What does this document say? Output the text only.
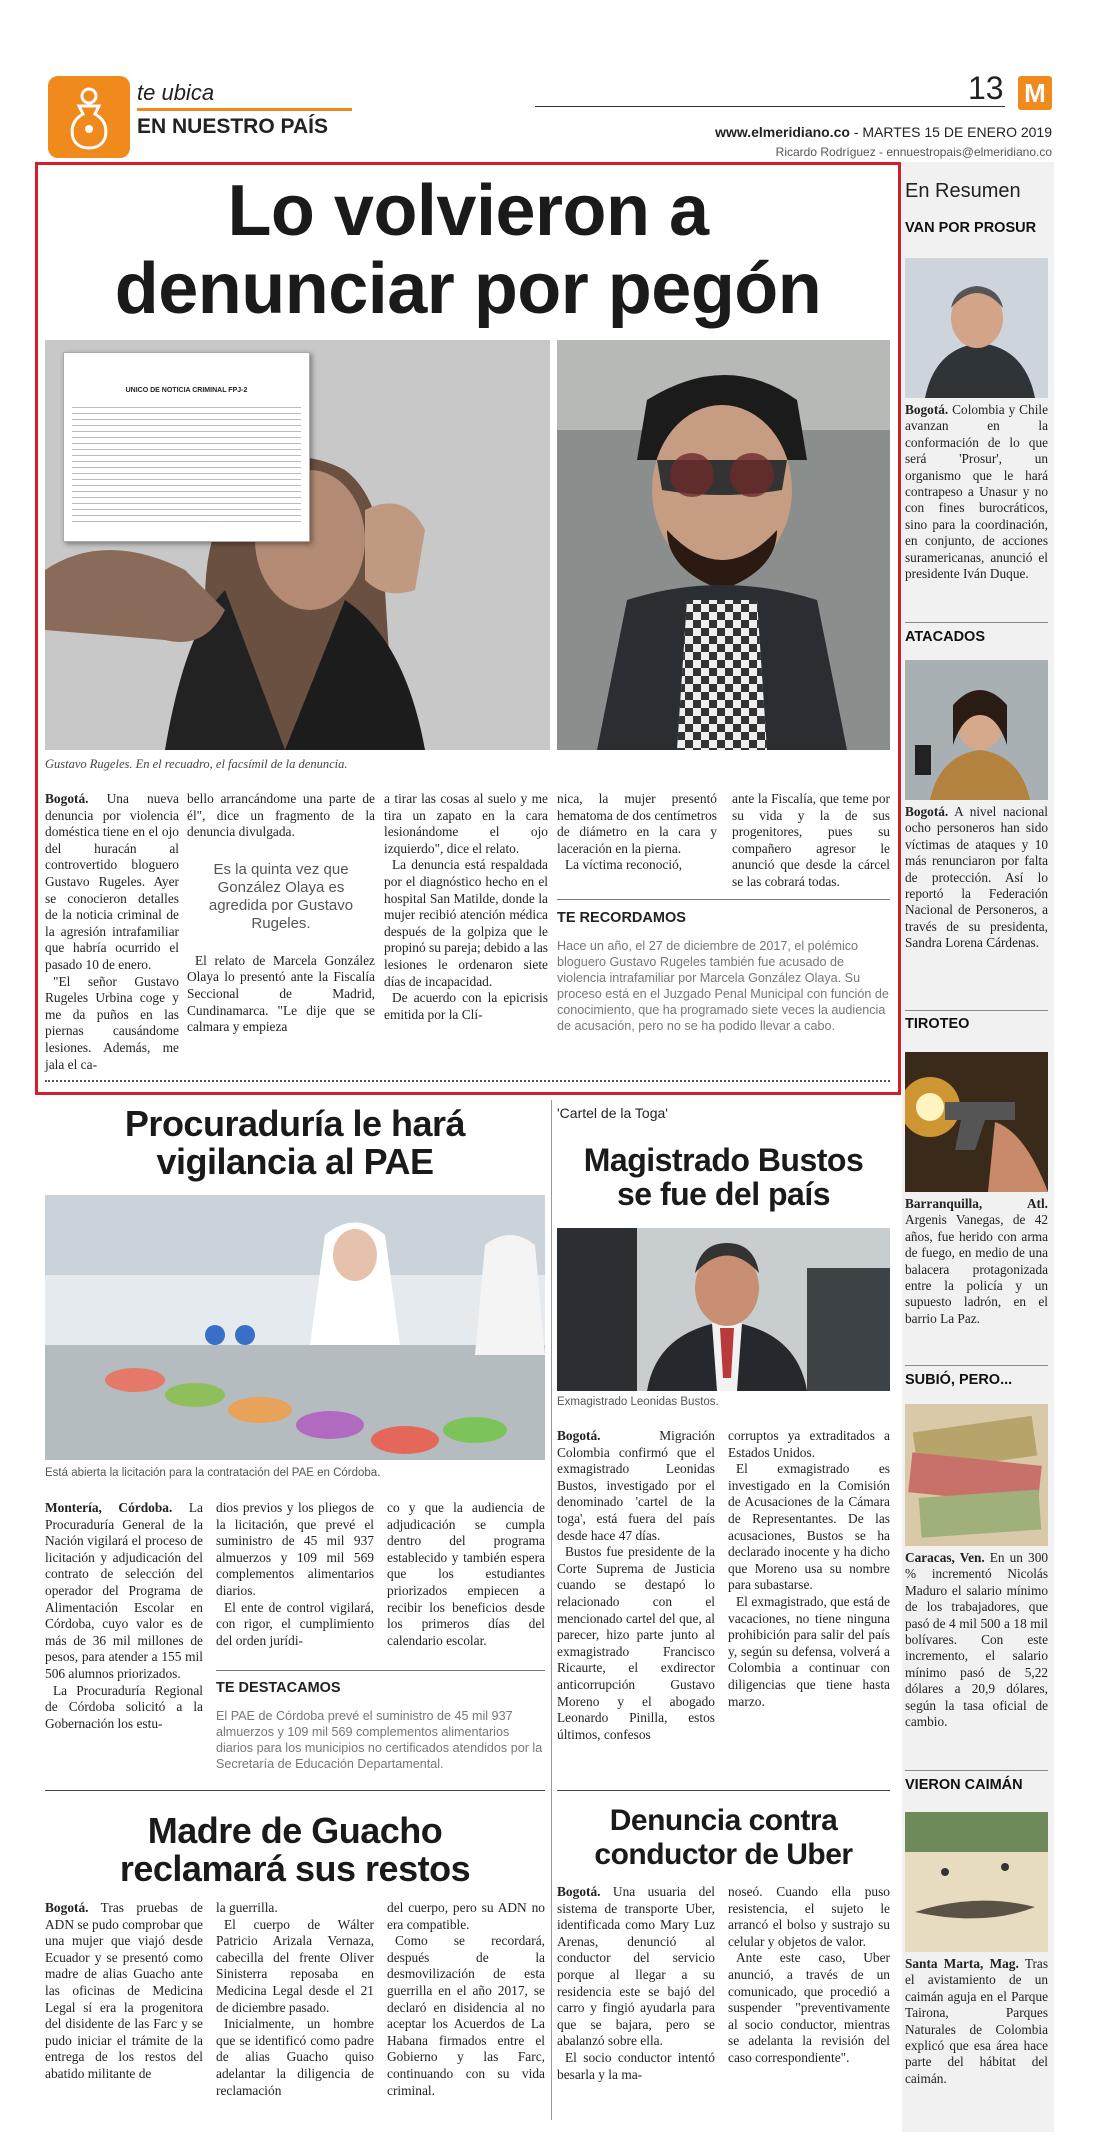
te ubica
EN NUESTRO PAÍS
13 M
www.elmeridiano.co - MARTES 15 DE ENERO 2019
Ricardo Rodríguez - ennuestropais@elmeridiano.co
Lo volvieron a
denunciar por pegón
UNICO DE NOTICIA CRIMINAL FPJ-2
Gustavo Rugeles. En el recuadro, el facsímil de la denuncia.

Bogotá. Una nueva denuncia por violencia doméstica tiene en el ojo del huracán al controvertido bloguero Gustavo Rugeles. Ayer se conocieron detalles de la noticia criminal de la agresión intrafamiliar que habría ocurrido el pasado 10 de enero.

"El señor Gustavo Rugeles Urbina coge y me da puños en las piernas causándome lesiones. Además, me jala el ca-

bello arrancándome una parte de él", dice un fragmento de la denuncia divulgada.

Es la quinta vez que González Olaya es agredida por Gustavo Rugeles.

El relato de Marcela González Olaya lo presentó ante la Fiscalía Seccional de Madrid, Cundinamarca. "Le dije que se calmara y empieza

a tirar las cosas al suelo y me tira un zapato en la cara lesionándome el ojo izquierdo", dice el relato.

La denuncia está respaldada por el diagnóstico hecho en el hospital San Matilde, donde la mujer recibió atención médica después de la golpiza que le propinó su pareja; debido a las lesiones le ordenaron siete días de incapacidad.

De acuerdo con la epicrisis emitida por la Clí-

nica, la mujer presentó hematoma de dos centímetros de diámetro en la cara y laceración en la pierna.

La víctima reconoció,

ante la Fiscalía, que teme por su vida y la de sus progenitores, pues su compañero agresor le anunció que desde la cárcel se las cobrará todas.

TE RECORDAMOS
Hace un año, el 27 de diciembre de 2017, el polémico bloguero Gustavo Rugeles también fue acusado de violencia intrafamiliar por Marcela González Olaya. Su proceso está en el Juzgado Penal Municipal con función de conocimiento, que ha programado siete veces la audiencia de acusación, pero no se ha podido llevar a cabo.
Procuraduría le hará
vigilancia al PAE
Está abierta la licitación para la contratación del PAE en Córdoba.

Montería, Córdoba. La Procuraduría General de la Nación vigilará el proceso de licitación y adjudicación del contrato de selección del operador del Programa de Alimentación Escolar en Córdoba, cuyo valor es de más de 36 mil millones de pesos, para atender a 155 mil 506 alumnos priorizados.

La Procuraduría Regional de Córdoba solicitó a la Gobernación los estu-

dios previos y los pliegos de la licitación, que prevé el suministro de 45 mil 937 almuerzos y 109 mil 569 complementos alimentarios diarios.

El ente de control vigilará, con rigor, el cumplimiento del orden jurídi-

co y que la audiencia de adjudicación se cumpla dentro del programa establecido y también espera que los estudiantes priorizados empiecen a recibir los beneficios desde los primeros días del calendario escolar.

TE DESTACAMOS
El PAE de Córdoba prevé el suministro de 45 mil 937 almuerzos y 109 mil 569 complementos alimentarios diarios para los municipios no certificados atendidos por la Secretaría de Educación Departamental.
'Cartel de la Toga'
Magistrado Bustos
se fue del país
Exmagistrado Leonidas Bustos.

Bogotá. Migración Colombia confirmó que el exmagistrado Leonidas Bustos, investigado por el denominado 'cartel de la toga', está fuera del país desde hace 47 días.

Bustos fue presidente de la Corte Suprema de Justicia cuando se destapó lo relacionado con el mencionado cartel del que, al parecer, hizo parte junto al exmagistrado Francisco Ricaurte, el exdirector anticorrupción Gustavo Moreno y el abogado Leonardo Pinilla, estos últimos, confesos

corruptos ya extraditados a Estados Unidos.

El exmagistrado es investigado en la Comisión de Acusaciones de la Cámara de Representantes. De las acusaciones, Bustos se ha declarado inocente y ha dicho que Moreno usa su nombre para subastarse.

El exmagistrado, que está de vacaciones, no tiene ninguna prohibición para salir del país y, según su defensa, volverá a Colombia a continuar con diligencias que tiene hasta marzo.

Madre de Guacho
reclamará sus restos

Bogotá. Tras pruebas de ADN se pudo comprobar que una mujer que viajó desde Ecuador y se presentó como madre de alias Guacho ante las oficinas de Medicina Legal sí era la progenitora del disidente de las Farc y se pudo iniciar el trámite de la entrega de los restos del abatido militante de

la guerrilla.

El cuerpo de Wálter Patricio Arizala Vernaza, cabecilla del frente Oliver Sinisterra reposaba en Medicina Legal desde el 21 de diciembre pasado.

Inicialmente, un hombre que se identificó como padre de alias Guacho quiso adelantar la diligencia de reclamación

del cuerpo, pero su ADN no era compatible.

Como se recordará, después de la desmovilización de esta guerrilla en el año 2017, se declaró en disidencia al no aceptar los Acuerdos de La Habana firmados entre el Gobierno y las Farc, continuando con su vida criminal.

Denuncia contra
conductor de Uber

Bogotá. Una usuaria del sistema de transporte Uber, identificada como Mary Luz Arenas, denunció al conductor del servicio porque al llegar a su residencia este se bajó del carro y fingió ayudarla para que se bajara, pero se abalanzó sobre ella.

El socio conductor intentó besarla y la ma-

noseó. Cuando ella puso resistencia, el sujeto le arrancó el bolso y sustrajo su celular y objetos de valor.

Ante este caso, Uber anunció, a través de un comunicado, que procedió a suspender "preventivamente al socio conductor, mientras se adelanta la revisión del caso correspondiente".

En Resumen
VAN POR PROSUR
Bogotá. Colombia y Chile avanzan en la conformación de lo que será 'Prosur', un organismo que le hará contrapeso a Unasur y no con fines burocráticos, sino para la coordinación, en conjunto, de acciones suramericanas, anunció el presidente Iván Duque.
ATACADOS
Bogotá. A nivel nacional ocho personeros han sido víctimas de ataques y 10 más renunciaron por falta de protección. Así lo reportó la Federación Nacional de Personeros, a través de su presidenta, Sandra Lorena Cárdenas.
TIROTEO
Barranquilla, Atl. Argenis Vanegas, de 42 años, fue herido con arma de fuego, en medio de una balacera protagonizada entre la policía y un supuesto ladrón, en el barrio La Paz.
SUBIÓ, PERO...
Caracas, Ven. En un 300 % incrementó Nicolás Maduro el salario mínimo de los trabajadores, que pasó de 4 mil 500 a 18 mil bolívares. Con este incremento, el salario mínimo pasó de 5,22 dólares a 20,9 dólares, según la tasa oficial de cambio.
VIERON CAIMÁN
Santa Marta, Mag. Tras el avistamiento de un caimán aguja en el Parque Tairona, Parques Naturales de Colombia explicó que esa área hace parte del hábitat del caimán.
